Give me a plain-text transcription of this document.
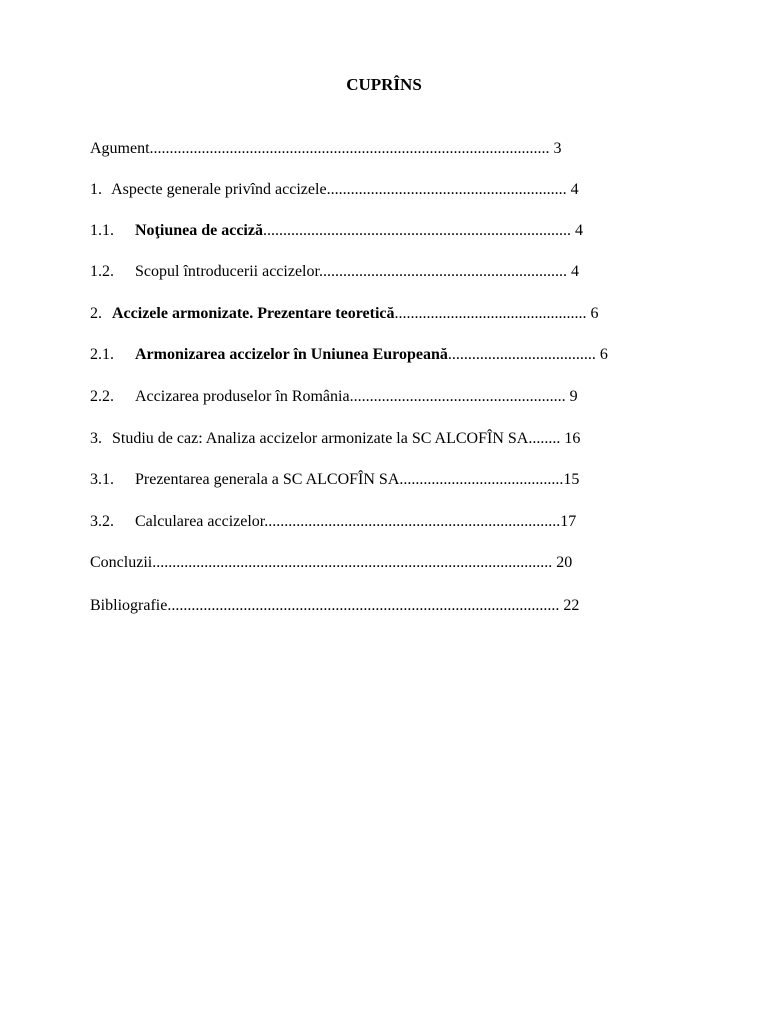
CUPRÎNS
Agument.................................................................................................... 3
1. Aspecte generale privînd accizele............................................................ 4
1.1. Noţiunea de acciză............................................................................. 4
1.2. Scopul întroducerii accizelor.............................................................. 4
2. Accizele armonizate. Prezentare teoretică................................................ 6
2.1. Armonizarea accizelor în Uniunea Europeană..................................... 6
2.2. Accizarea produselor în România...................................................... 9
3. Studiu de caz: Analiza accizelor armonizate la SC ALCOFÎN SA........ 16
3.1. Prezentarea generala a SC ALCOFÎN SA.........................................15
3.2. Calcularea accizelor..........................................................................17
Concluzii.................................................................................................... 20
Bibliografie.................................................................................................. 22
